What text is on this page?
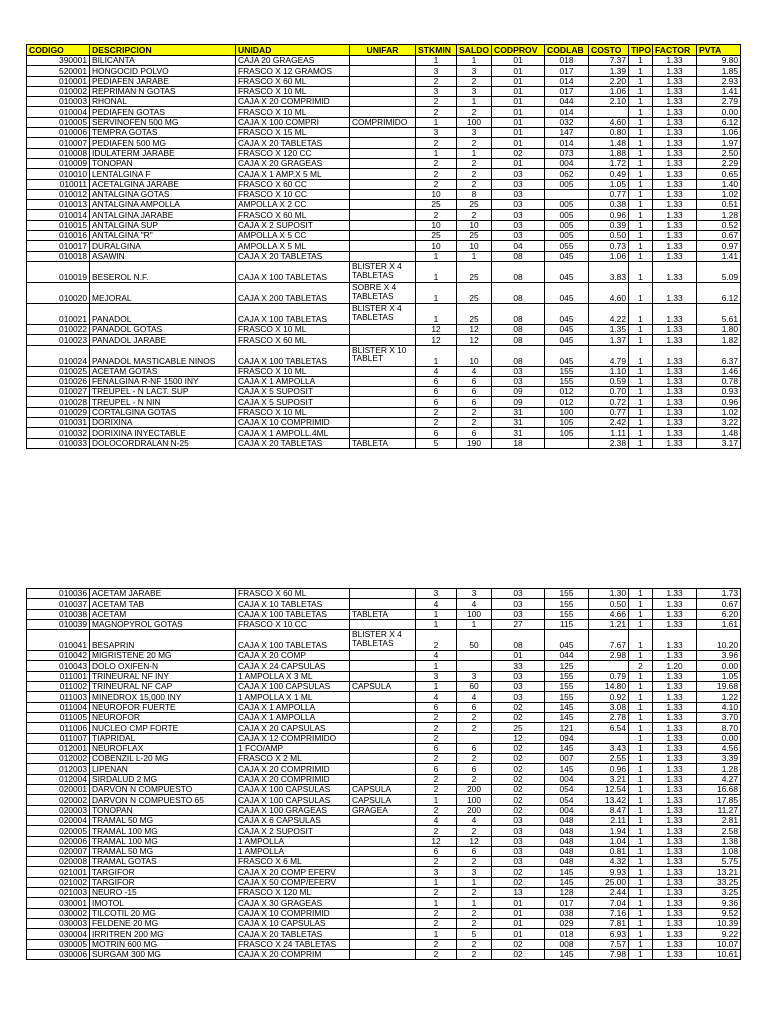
CODIGO	DESCRIPCION	UNIDAD	UNIFAR	STKMIN	SALDO	CODPROV	CODLAB	COSTO	TIPO	FACTOR	PVTA
390001	BILICANTA	CAJA 20 GRAGEAS		1	1	01	018	7.37	1	1.33	9.80
520001	HONGOCID POLVO	FRASCO X 12 GRAMOS		3	3	01	017	1.39	1	1.33	1.85
010001	PEDIAFEN JARABE	FRASCO X 60 ML		2	2	01	014	2.20	1	1.33	2.93
010002	REPRIMAN N GOTAS	FRASCO X 10 ML		3	3	01	017	1.06	1	1.33	1.41
010003	RHONAL	CAJA X 20 COMPRIMID		2	1	01	044	2.10	1	1.33	2.79
010004	PEDIAFEN GOTAS	FRASCO X 10 ML		2	2	01	014		1	1.33	0.00
010005	SERVINOFEN 500 MG	CAJA X 100 COMPRI	COMPRIMIDO	1	100	01	032	4.60	1	1.33	6.12
010006	TEMPRA GOTAS	FRASCO X 15 ML		3	3	01	147	0.80	1	1.33	1.06
010007	PEDIAFEN 500 MG	CAJA X 20 TABLETAS		2	2	01	014	1.48	1	1.33	1.97
010008	IDULATERM JARABE	FRASCO X 120 CC		1	1	02	073	1.88	1	1.33	2.50
010009	TONOPAN	CAJA X 20 GRAGEAS		2	2	01	004	1.72	1	1.33	2.29
010010	LENTALGINA F	CAJA X 1 AMP.X 5 ML		2	2	03	062	0.49	1	1.33	0.65
010011	ACETALGINA JARABE	FRASCO X 60 CC		2	2	03	005	1.05	1	1.33	1.40
010012	ANTALGINA GOTAS	FRASCO X 10 CC		10	8	03		0.77	1	1.33	1.02
010013	ANTALGINA AMPOLLA	AMPOLLA X 2 CC		25	25	03	005	0.38	1	1.33	0.51
010014	ANTALGINA JARABE	FRASCO X 60 ML		2	2	03	005	0.96	1	1.33	1.28
010015	ANTALGINA SUP	CAJA X 2 SUPOSIT		10	10	03	005	0.39	1	1.33	0.52
010016	ANTALGINA "R"	AMPOLLA X 5 CC		25	25	03	005	0.50	1	1.33	0.67
010017	DURALGINA	AMPOLLA X 5 ML		10	10	04	055	0.73	1	1.33	0.97
010018	ASAWIN	CAJA X 20 TABLETAS		1	1	08	045	1.06	1	1.33	1.41
010019	BESEROL N.F.	CAJA X 100 TABLETAS	BLISTER X 4 TABLETAS	1	25	08	045	3.83	1	1.33	5.09
010020	MEJORAL	CAJA X 200 TABLETAS	SOBRE X 4 TABLETAS	1	25	08	045	4.60	1	1.33	6.12
010021	PANADOL	CAJA X 100 TABLETAS	BLISTER X 4 TABLETAS	1	25	08	045	4.22	1	1.33	5.61
010022	PANADOL GOTAS	FRASCO X 10 ML		12	12	08	045	1.35	1	1.33	1.80
010023	PANADOL JARABE	FRASCO X 60 ML		12	12	08	045	1.37	1	1.33	1.82
010024	PANADOL MASTICABLE NINOS	CAJA X 100 TABLETAS	BLISTER X 10 TABLET	1	10	08	045	4.79	1	1.33	6.37
010025	ACETAM GOTAS	FRASCO X 10 ML		4	4	03	155	1.10	1	1.33	1.46
010026	FENALGINA R-NF 1500 INY	CAJA X 1 AMPOLLA		6	6	03	155	0.59	1	1.33	0.78
010027	TREUPEL - N LACT. SUP	CAJA X 5 SUPOSIT		6	6	09	012	0.70	1	1.33	0.93
010028	TREUPEL - N NIN	CAJA X 5 SUPOSIT		6	6	09	012	0.72	1	1.33	0.96
010029	CORTALGINA GOTAS	FRASCO X 10 ML		2	2	31	100	0.77	1	1.33	1.02
010031	DORIXINA	CAJA X 10 COMPRIMID		2	2	31	105	2.42	1	1.33	3.22
010032	DORIXINA INYECTABLE	CAJA X 1 AMPOLL.4ML		6	6	31	105	1.11	1	1.33	1.48
010033	DOLOCORDRALAN N-25	CAJA X 20 TABLETAS	TABLETA	5	190	18		2.38	1	1.33	3.17
010036	ACETAM JARABE	FRASCO X 60 ML		3	3	03	155	1.30	1	1.33	1.73
010037	ACETAM TAB	CAJA X 10 TABLETAS		4	4	03	155	0.50	1	1.33	0.67
010038	ACETAM	CAJA X 100 TABLETAS	TABLETA	1	100	03	155	4.66	1	1.33	6.20
010039	MAGNOPYROL GOTAS	FRASCO X 10 CC		1	1	27	115	1.21	1	1.33	1.61
010041	BESAPRIN	CAJA X 100 TABLETAS	BLISTER X 4 TABLETAS	2	50	08	045	7.67	1	1.33	10.20
010042	MIGRISTENE 20 MG	CAJA X 20 COMP		4		01	044	2.98	1	1.33	3.96
010043	DOLO OXIFEN-N	CAJA X 24 CAPSULAS		1		33	125		2	1.20	0.00
011001	TRINEURAL NF INY	1 AMPOLLA X 3 ML		3	3	03	155	0.79	1	1.33	1.05
011002	TRINEURAL NF CAP	CAJA X 100 CAPSULAS	CAPSULA	1	60	03	155	14.80	1	1.33	19.68
011003	MINEDROX 15,000 INY	1 AMPOLLA X 1 ML		4	4	03	155	0.92	1	1.33	1.22
011004	NEUROFOR FUERTE	CAJA X 1 AMPOLLA		6	6	02	145	3.08	1	1.33	4.10
011005	NEUROFOR	CAJA X 1 AMPOLLA		2	2	02	145	2.78	1	1.33	3.70
011006	NUCLEO CMP FORTE	CAJA X 20 CAPSULAS		2	2	25	121	6.54	1	1.33	8.70
011007	TIAPRIDAL	CAJA X 12 COMPRIMIDO		2		12	094		1	1.33	0.00
012001	NEUROFLAX	1 FCO/AMP		6	6	02	145	3.43	1	1.33	4.56
012002	COBENZIL L-20 MG	FRASCO X 2 ML		2	2	02	007	2.55	1	1.33	3.39
012003	LIPENAN	CAJA X 20 COMPRIMID		6	6	02	145	0.96	1	1.33	1.28
012004	SIRDALUD 2 MG	CAJA X 20 COMPRIMID		2	2	02	004	3.21	1	1.33	4.27
020001	DARVON N COMPUESTO	CAJA X 100 CAPSULAS	CAPSULA	2	200	02	054	12.54	1	1.33	16.68
020002	DARVON N COMPUESTO 65	CAJA X 100 CAPSULAS	CAPSULA	1	100	02	054	13.42	1	1.33	17.85
020003	TONOPAN	CAJA X 100 GRAGEAS	GRAGEA	2	200	02	004	8.47	1	1.33	11.27
020004	TRAMAL 50 MG	CAJA X 6 CAPSULAS		4	4	03	048	2.11	1	1.33	2.81
020005	TRAMAL 100 MG	CAJA X 2 SUPOSIT		2	2	03	048	1.94	1	1.33	2.58
020006	TRAMAL 100 MG	1 AMPOLLA		12	12	03	048	1.04	1	1.33	1.38
020007	TRAMAL 50 MG	1 AMPOLLA		6	6	03	048	0.81	1	1.33	1.08
020008	TRAMAL GOTAS	FRASCO X 6 ML		2	2	03	048	4.32	1	1.33	5.75
021001	TARGIFOR	CAJA X 20 COMP EFERV		3	3	02	145	9.93	1	1.33	13.21
021002	TARGIFOR	CAJA X 50 COMP/EFERV		1	1	02	145	25.00	1	1.33	33.25
021003	NEURO -15	FRASCO X 120 ML		2	2	13	128	2.44	1	1.33	3.25
030001	IMOTOL	CAJA X 30 GRAGEAS		1	1	01	017	7.04	1	1.33	9.36
030002	TILCOTIL 20 MG	CAJA X 10 COMPRIMID		2	2	01	038	7.16	1	1.33	9.52
030003	FELDENE 20 MG	CAJA X 10 CAPSULAS		2	2	01	029	7.81	1	1.33	10.39
030004	IRRITREN 200 MG	CAJA X 20 TABLETAS		1	5	01	018	6.93	1	1.33	9.22
030005	MOTRIN 600 MG	FRASCO X 24 TABLETAS		2	2	02	008	7.57	1	1.33	10.07
030006	SURGAM 300 MG	CAJA X 20 COMPRIM		2	2	02	145	7.98	1	1.33	10.61
